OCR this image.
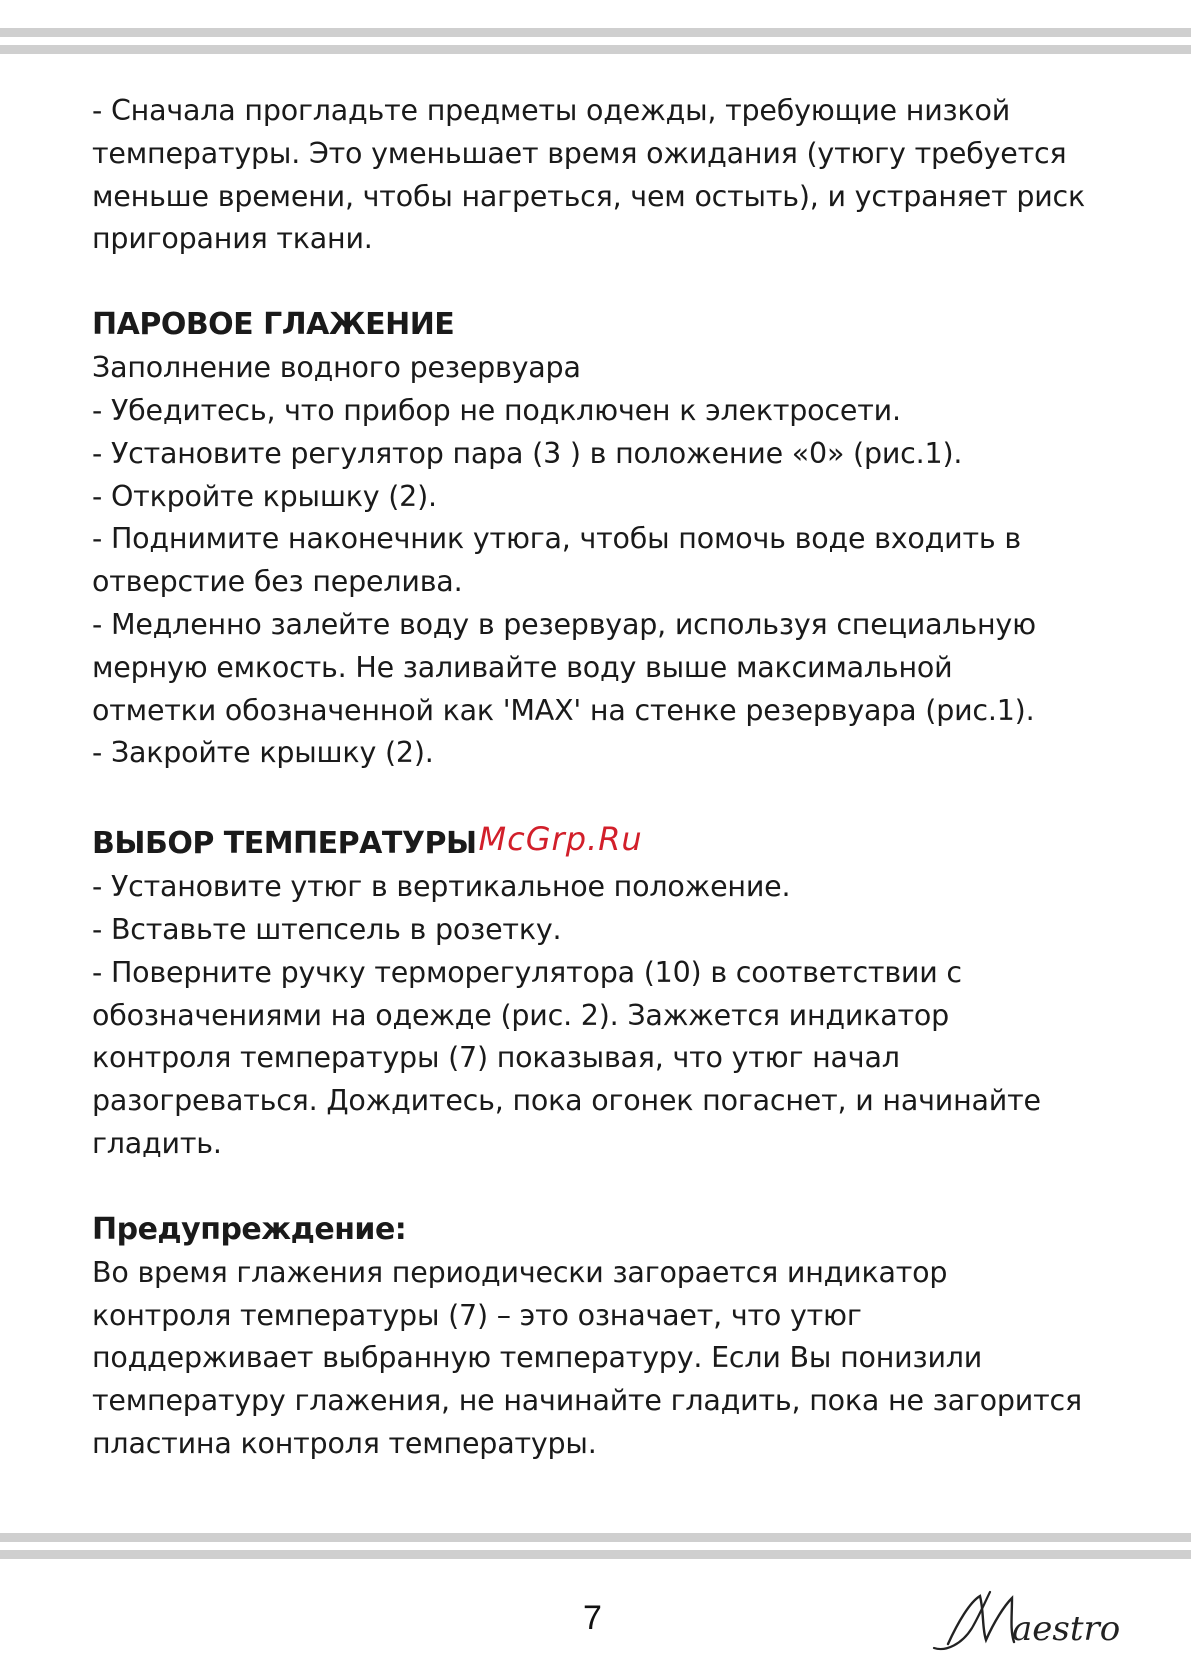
- Сначала прогладьте предметы одежды, требующие низкой

температуры. Это уменьшает время ожидания (утюгу требуется

меньше времени, чтобы нагреться, чем остыть), и устраняет риск

пригорания ткани.

ПАРОВОЕ ГЛАЖЕНИЕ

Заполнение водного резервуара

- Убедитесь, что прибор не подключен к электросети.

- Установите регулятор пара (3 ) в положение «0» (рис.1).

- Откройте крышку (2).

- Поднимите наконечник утюга, чтобы помочь воде входить в

отверстие без перелива.

- Медленно залейте воду в резервуар, используя специальную

мерную емкость. Не заливайте воду выше максимальной

отметки обозначенной как 'MAX' на стенке резервуара (рис.1).

- Закройте крышку (2).

ВЫБОР ТЕМПЕРАТУРЫMcGrp.Ru

- Установите утюг в вертикальное положение.

- Вставьте штепсель в розетку.

- Поверните ручку терморегулятора (10) в соответствии с

обозначениями на одежде (рис. 2). Зажжется индикатор

контроля температуры (7) показывая, что утюг начал

разогреваться. Дождитесь, пока огонек погаснет, и начинайте

гладить.

Предупреждение:

Во время глажения периодически загорается индикатор

контроля температуры (7) – это означает, что утюг

поддерживает выбранную температуру. Если Вы понизили

температуру глажения, не начинайте гладить, пока не загорится

пластина контроля температуры.

7	aestro
